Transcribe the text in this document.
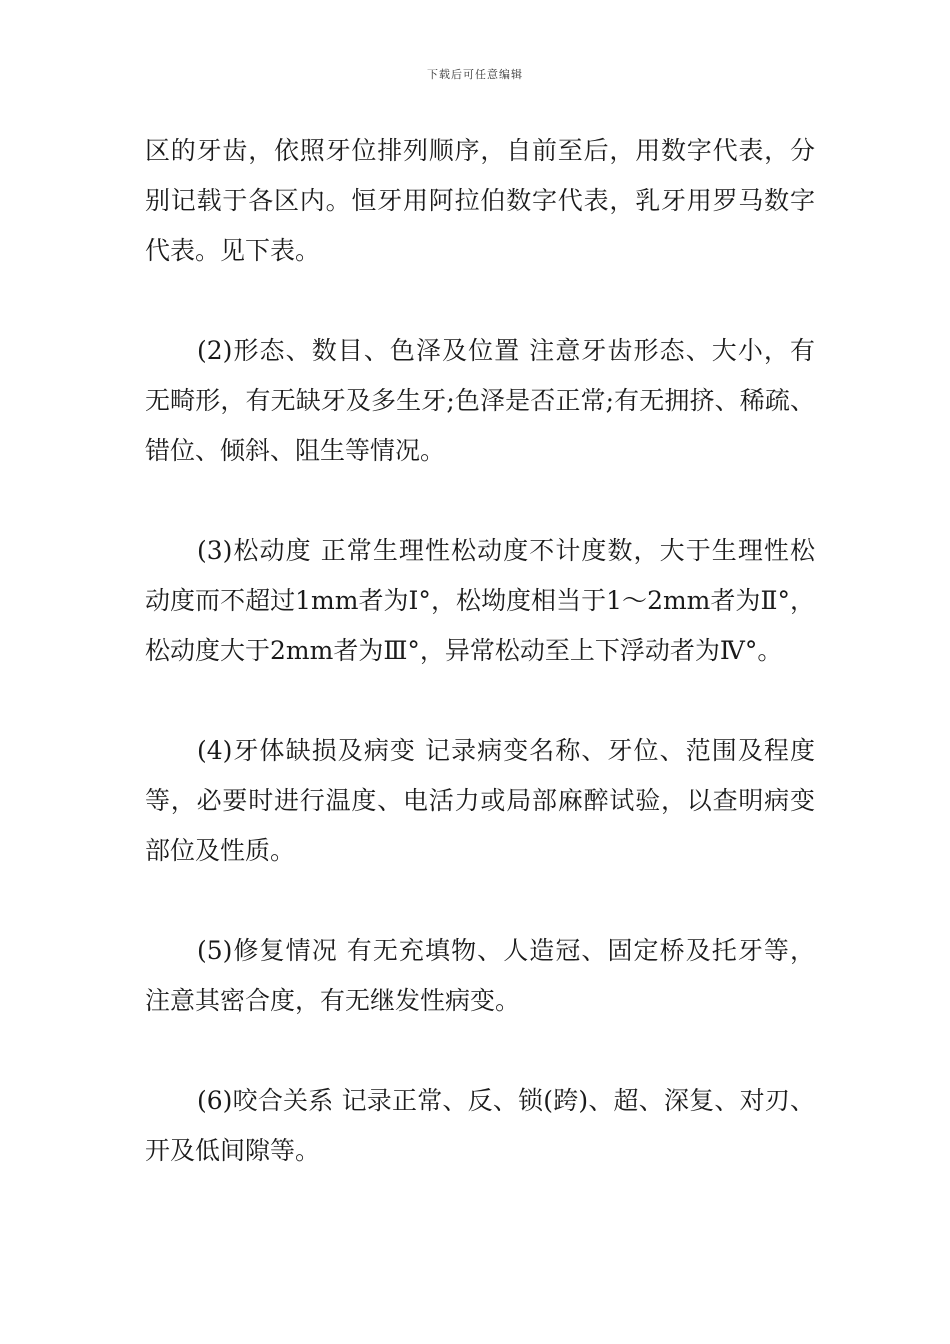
下载后可任意编辑

区的牙齿，依照牙位排列顺序，自前至后，用数字代表，分别记载于各区内。恒牙用阿拉伯数字代表，乳牙用罗马数字代表。见下表。

(2)形态、数目、色泽及位置 注意牙齿形态、大小，有无畸形，有无缺牙及多生牙;色泽是否正常;有无拥挤、稀疏、错位、倾斜、阻生等情况。

(3)松动度 正常生理性松动度不计度数，大于生理性松动度而不超过1mm者为Ⅰ°，松坳度相当于1～2mm者为Ⅱ°，松动度大于2mm者为Ⅲ°，异常松动至上下浮动者为Ⅳ°。

(4)牙体缺损及病变 记录病变名称、牙位、范围及程度等，必要时进行温度、电活力或局部麻醉试验，以查明病变部位及性质。

(5)修复情况 有无充填物、人造冠、固定桥及托牙等，注意其密合度，有无继发性病变。

(6)咬合关系 记录正常、反、锁(跨)、超、深复、对刃、开及低间隙等。
